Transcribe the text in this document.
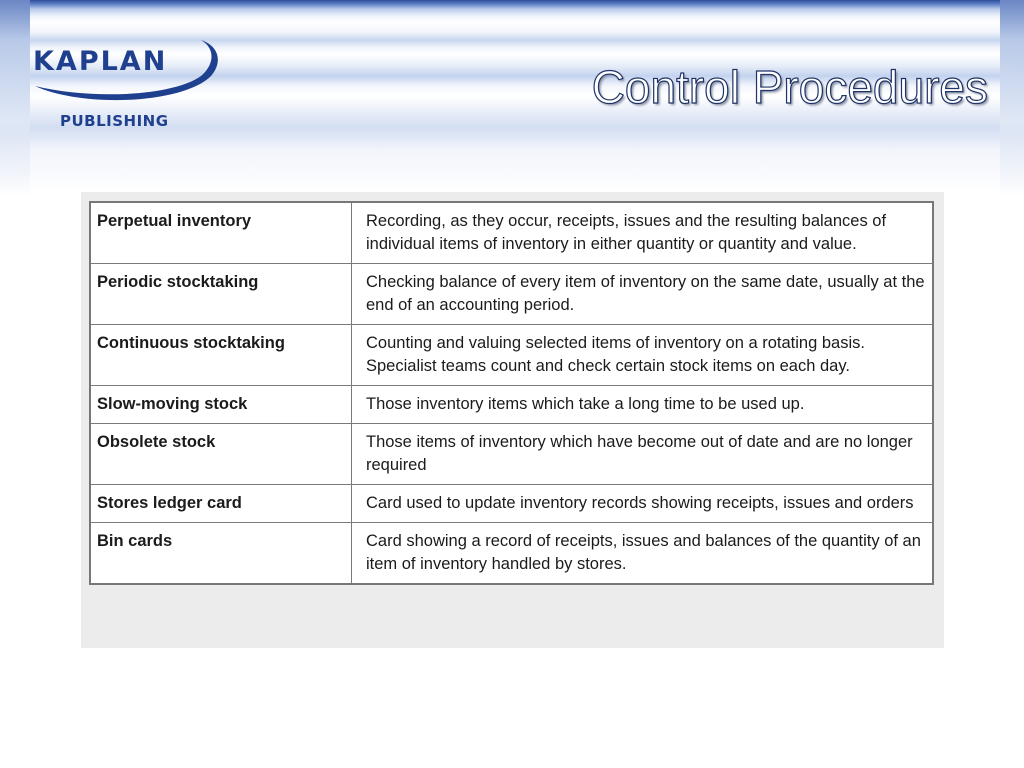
KAPLAN
PUBLISHING
Control Procedures
Perpetual inventory	Recording, as they occur, receipts, issues and the resulting balances of individual items of inventory in either quantity or quantity and value.
Periodic stocktaking	Checking balance of every item of inventory on the same date, usually at the end of an accounting period.
Continuous stocktaking	Counting and valuing selected items of inventory on a rotating basis. Specialist teams count and check certain stock items on each day.
Slow-moving stock	Those inventory items which take a long time to be used up.
Obsolete stock	Those items of inventory which have become out of date and are no longer required
Stores ledger card	Card used to update inventory records showing receipts, issues and orders
Bin cards	Card showing a record of receipts, issues and balances of the quantity of an item of inventory handled by stores.
